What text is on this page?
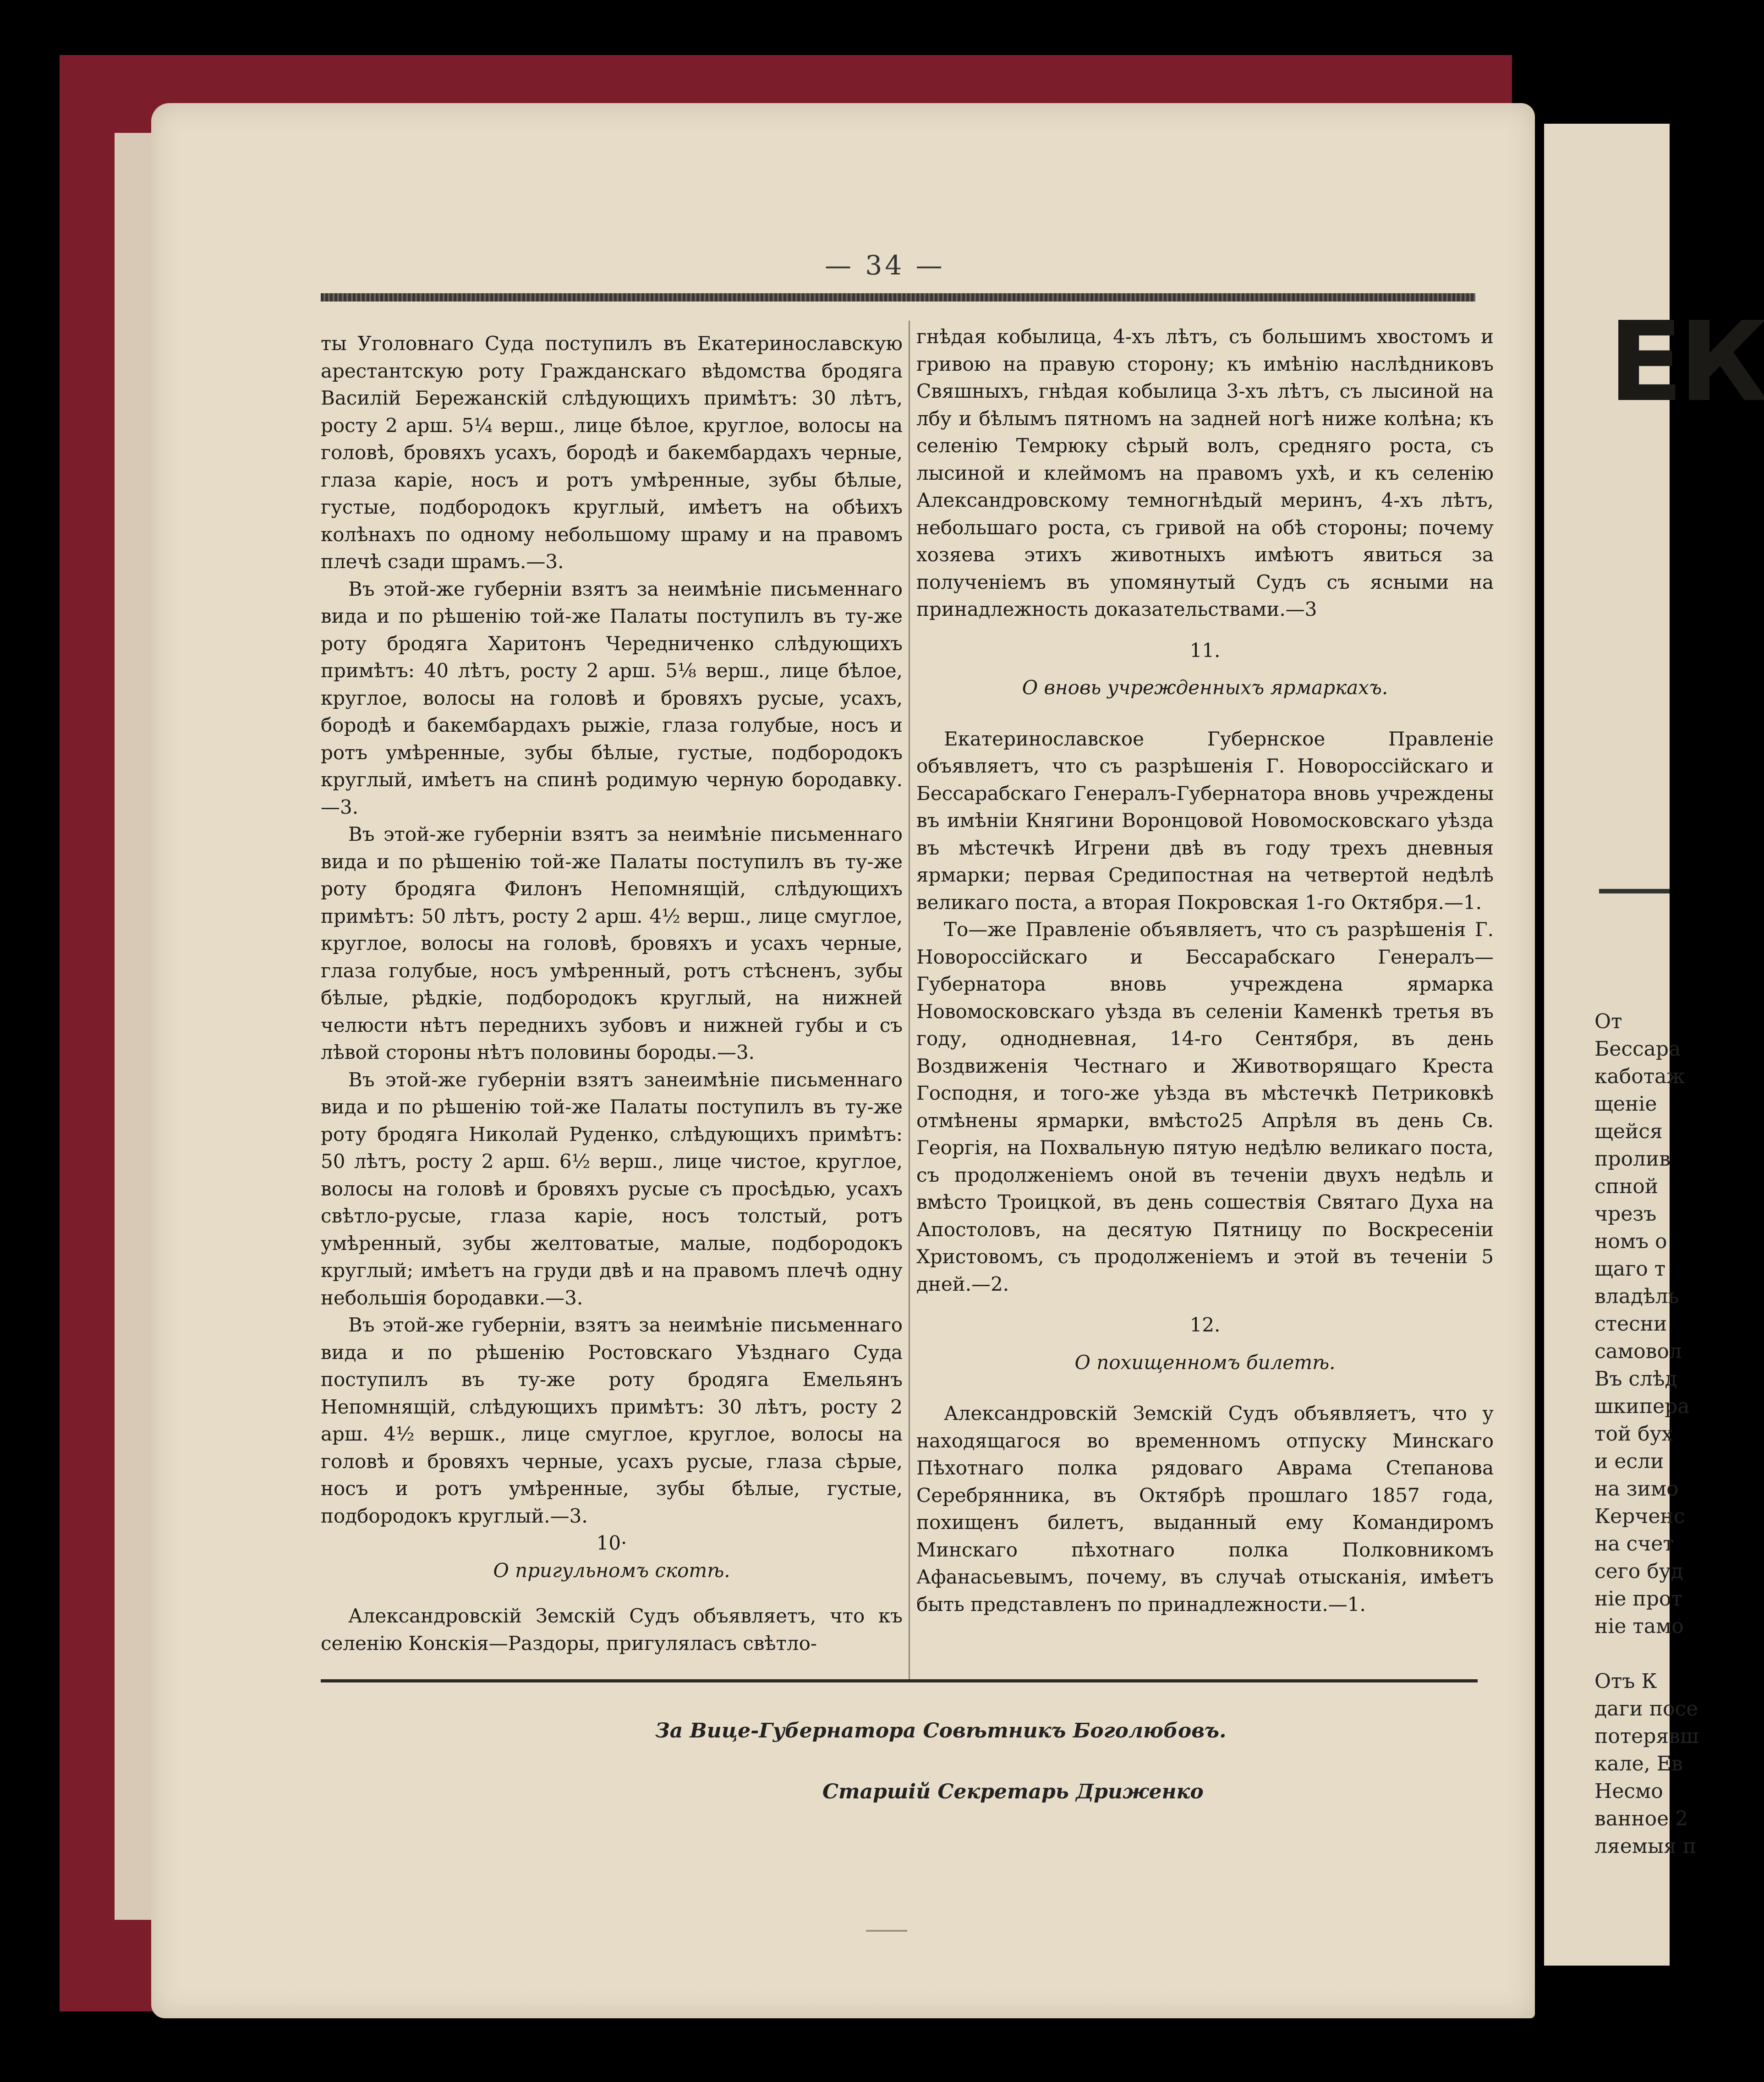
ЕК
От
Бессара
каботаж
щеніе
щейся
пролив
спной
чрезъ
номъ о
щаго т
владѣль
стесни
самовол
Въ слѣд
шкипера
той бух
и если
на зимо
Керченс
на счет
сего буд
ніе прот
ніе тамо
Отъ К
даги посе
потерявш
кале, Ев
Несмо
ванное 2
ляемыя п
— 34 —

ты Уголовнаго Суда поступилъ въ Екатеринославскую арестантскую роту Гражданскаго вѣдомства бродяга Василій Бережанскій слѣдующихъ примѣтъ: 30 лѣтъ, росту 2 арш. 5¼ верш., лице бѣлое, круглое, волосы на головѣ, бровяхъ усахъ, бородѣ и бакембардахъ черные, глаза каріе, носъ и ротъ умѣренные, зубы бѣлые, густые, подбородокъ круглый, имѣетъ на обѣихъ колѣнахъ по одному небольшому шраму и на правомъ плечѣ сзади шрамъ.—3.

Въ этой-же губерніи взятъ за неимѣніе письменнаго вида и по рѣшенію той-же Палаты поступилъ въ ту-же роту бродяга Харитонъ Чередниченко слѣдующихъ примѣтъ: 40 лѣтъ, росту 2 арш. 5⅛ верш., лице бѣлое, круглое, волосы на головѣ и бровяхъ русые, усахъ, бородѣ и бакембардахъ рыжіе, глаза голубые, носъ и ротъ умѣренные, зубы бѣлые, густые, подбородокъ круглый, имѣетъ на спинѣ родимую черную бородавку.—3.

Въ этой-же губерніи взятъ за неимѣніе письменнаго вида и по рѣшенію той-же Палаты поступилъ въ ту-же роту бродяга Филонъ Непомнящій, слѣдующихъ примѣтъ: 50 лѣтъ, росту 2 арш. 4½ верш., лице смуглое, круглое, волосы на головѣ, бровяхъ и усахъ черные, глаза голубые, носъ умѣренный, ротъ стѣсненъ, зубы бѣлые, рѣдкіе, подбородокъ круглый, на нижней челюсти нѣтъ переднихъ зубовъ и нижней губы и съ лѣвой стороны нѣтъ половины бороды.—3.

Въ этой-же губерніи взятъ занеимѣніе письменнаго вида и по рѣшенію той-же Палаты поступилъ въ ту-же роту бродяга Николай Руденко, слѣдующихъ примѣтъ: 50 лѣтъ, росту 2 арш. 6½ верш., лице чистое, круглое, волосы на головѣ и бровяхъ русые съ просѣдью, усахъ свѣтло-русые, глаза каріе, носъ толстый, ротъ умѣренный, зубы желтоватые, малые, подбородокъ круглый; имѣетъ на груди двѣ и на правомъ плечѣ одну небольшія бородавки.—3.

Въ этой-же губерніи, взятъ за неимѣніе письменнаго вида и по рѣшенію Ростовскаго Уѣзднаго Суда поступилъ въ ту-же роту бродяга Емельянъ Непомнящій, слѣдующихъ примѣтъ: 30 лѣтъ, росту 2 арш. 4½ вершк., лице смуглое, круглое, волосы на головѣ и бровяхъ черные, усахъ русые, глаза сѣрые, носъ и ротъ умѣренные, зубы бѣлые, густые, подбородокъ круглый.—3.

10·

О пригульномъ скотѣ.

Александровскій Земскій Судъ объявляетъ, что къ селенію Конскія—Раздоры, пригуляласъ свѣтло-

гнѣдая кобылица, 4-хъ лѣтъ, съ большимъ хвостомъ и гривою на правую сторону; къ имѣнію наслѣдниковъ Свяшныхъ, гнѣдая кобылица 3-хъ лѣтъ, съ лысиной на лбу и бѣлымъ пятномъ на задней ногѣ ниже колѣна; къ селенію Темрюку сѣрый волъ, средняго роста, съ лысиной и клеймомъ на правомъ ухѣ, и къ селенію Александровскому темногнѣдый меринъ, 4-хъ лѣтъ, небольшаго роста, съ гривой на обѣ стороны; почему хозяева этихъ животныхъ имѣютъ явиться за полученіемъ въ упомянутый Судъ съ ясными на принадлежность доказательствами.—3

11.

О вновь учрежденныхъ ярмаркахъ.

Екатеринославское Губернское Правленіе объявляетъ, что съ разрѣшенія Г. Новороссійскаго и Бессарабскаго Генералъ-Губернатора вновь учреждены въ имѣніи Княгини Воронцовой Новомосковскаго уѣзда въ мѣстечкѣ Игрени двѣ въ году трехъ дневныя ярмарки; первая Средипостная на четвертой недѣлѣ великаго поста, а вторая Покровская 1-го Октября.—1.

То—же Правленіе объявляетъ, что съ разрѣшенія Г. Новороссійскаго и Бессарабскаго Генералъ—Губернатора вновь учреждена ярмарка Новомосковскаго уѣзда въ селеніи Каменкѣ третья въ году, однодневная, 14-го Сентября, въ день Воздвиженія Честнаго и Животворящаго Креста Господня, и того-же уѣзда въ мѣстечкѣ Петриковкѣ отмѣнены ярмарки, вмѣсто25 Апрѣля въ день Св. Георгія, на Похвальную пятую недѣлю великаго поста, съ продолженіемъ оной въ теченіи двухъ недѣль и вмѣсто Троицкой, въ день сошествія Святаго Духа на Апостоловъ, на десятую Пятницу по Воскресеніи Христовомъ, съ продолженіемъ и этой въ теченіи 5 дней.—2.

12.

О похищенномъ билетѣ.

Александровскій Земскій Судъ объявляетъ, что у находящагося во временномъ отпуску Минскаго Пѣхотнаго полка рядоваго Аврама Степанова Серебрянника, въ Октябрѣ прошлаго 1857 года, похищенъ билетъ, выданный ему Командиромъ Минскаго пѣхотнаго полка Полковникомъ Афанасьевымъ, почему, въ случаѣ отысканія, имѣетъ быть представленъ по принадлежности.—1.

За Вице-Губернатора Совѣтникъ Боголюбовъ.
Старшій Секретарь Дриженко
